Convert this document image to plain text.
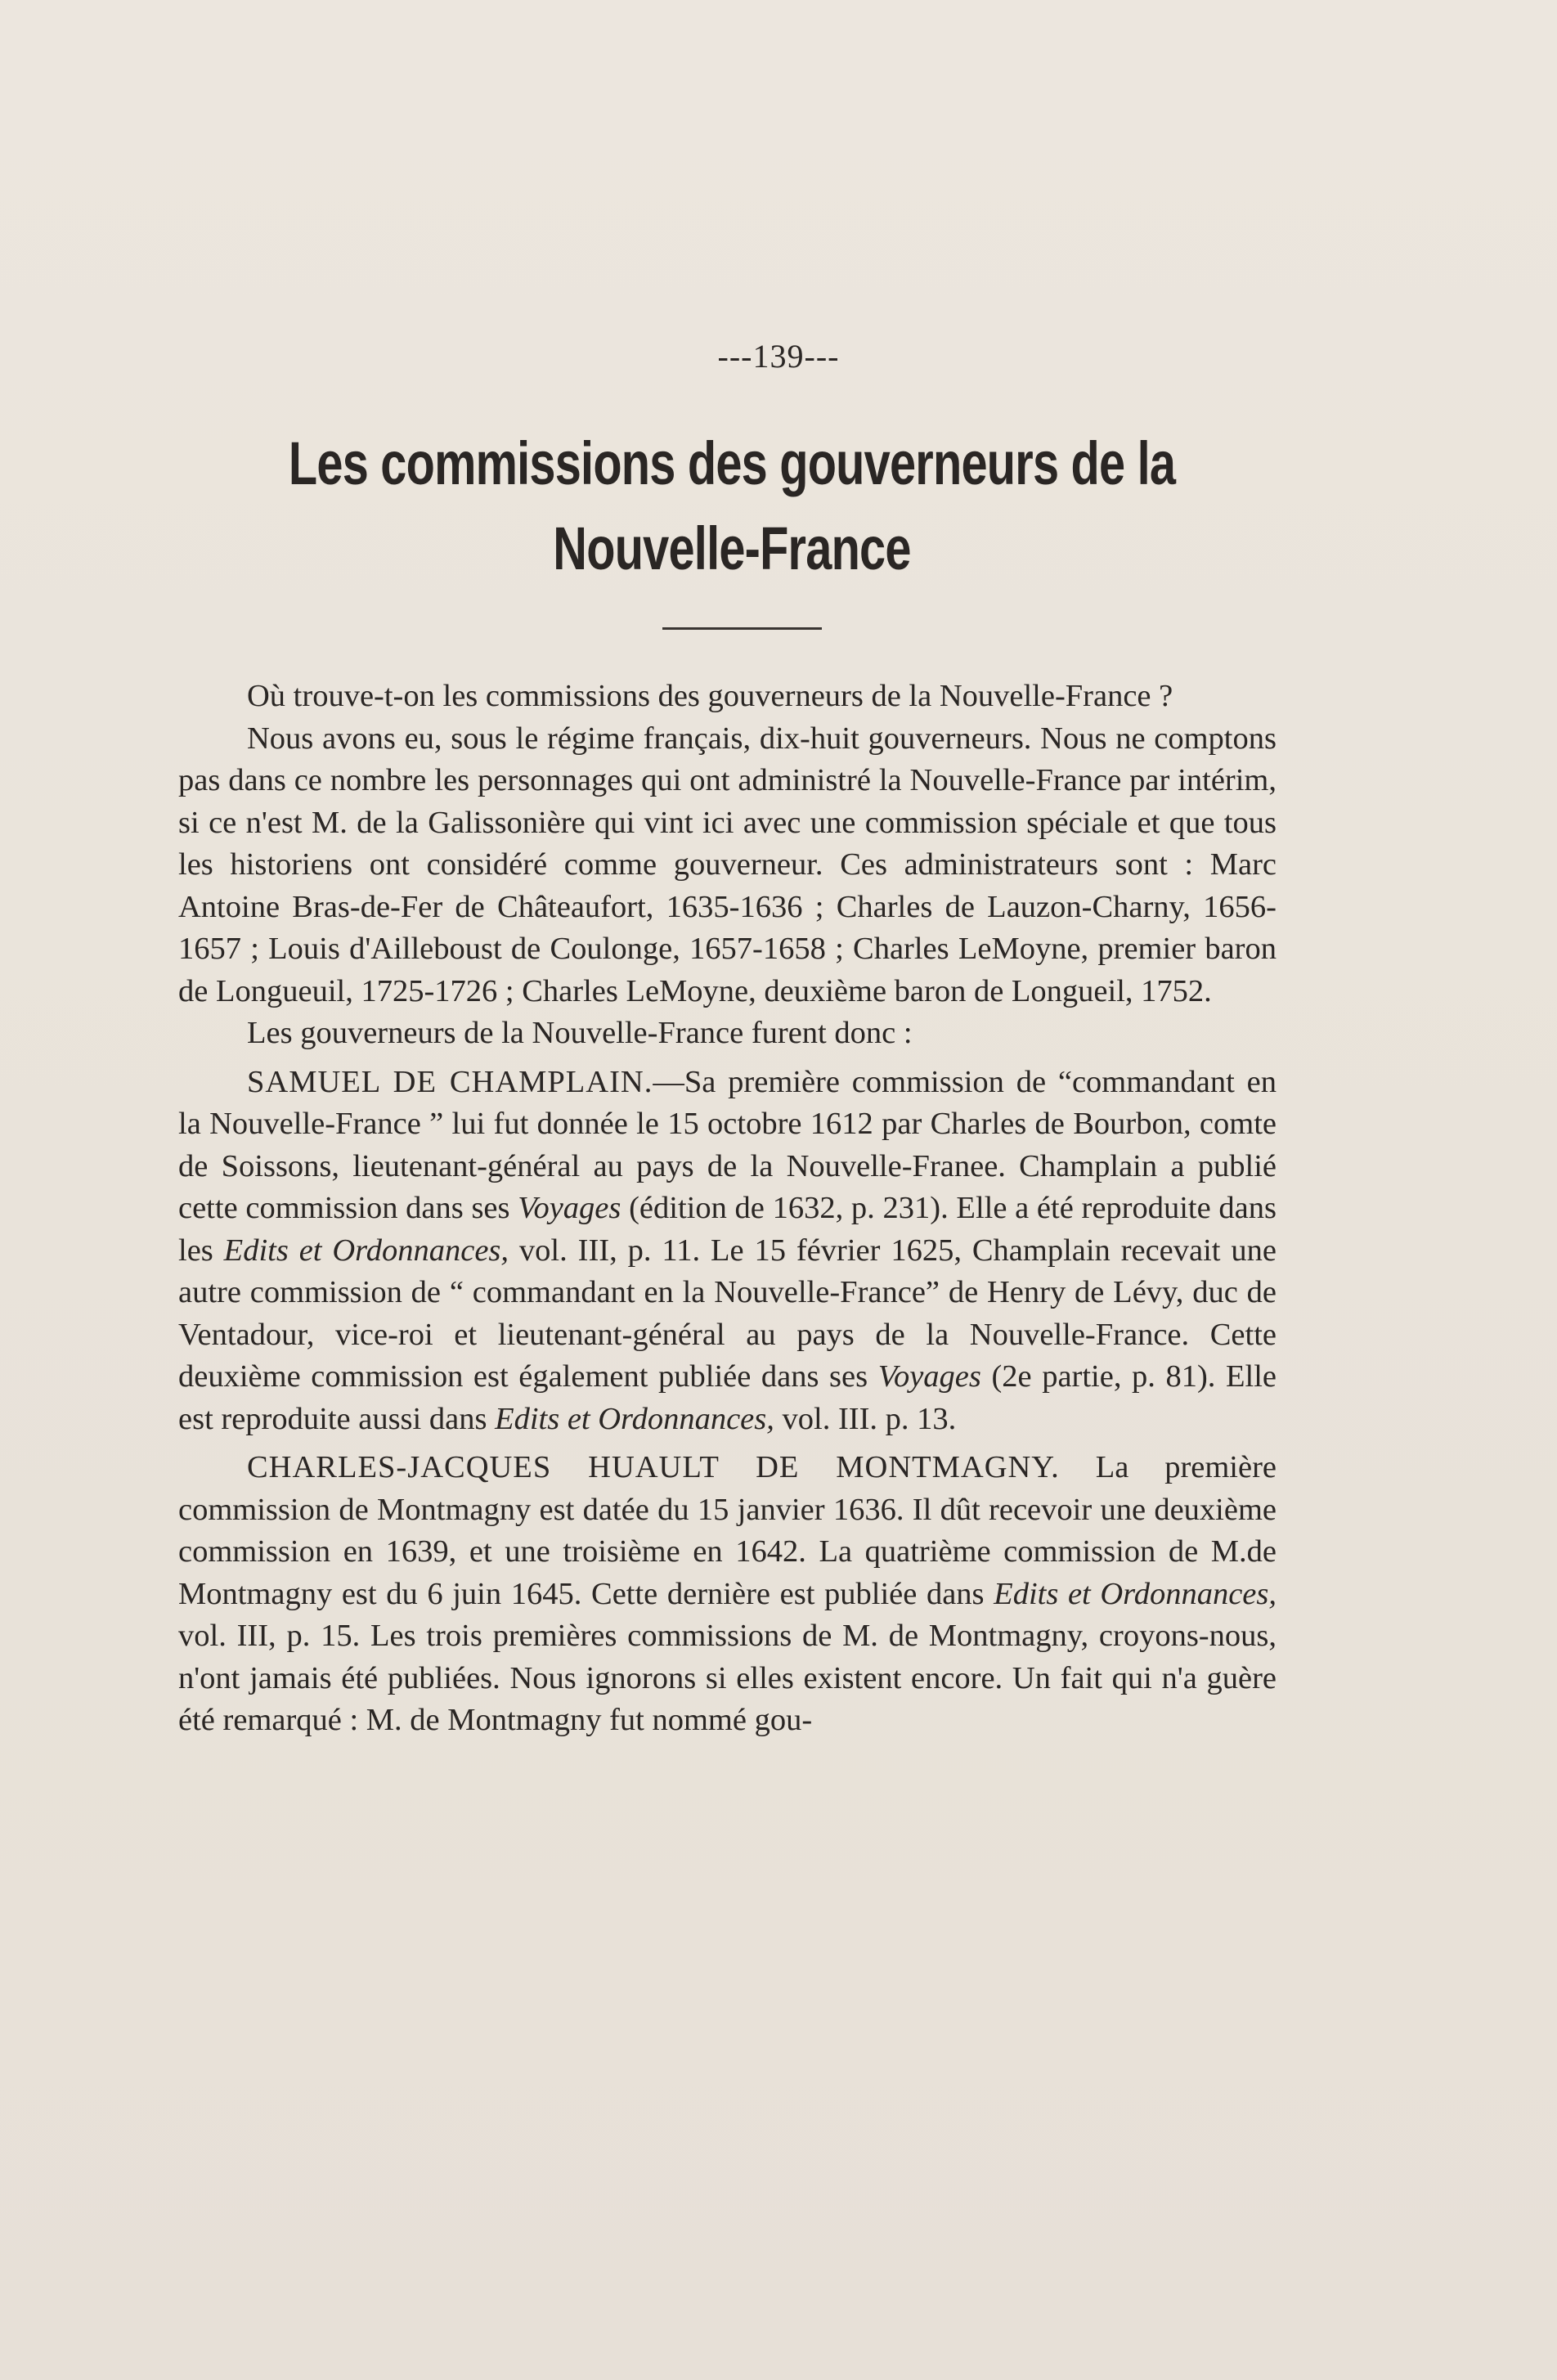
---139---
Les commissions des gouverneurs de la
Nouvelle-France

Où trouve-t-on les commissions des gouverneurs de la Nouvelle-France ?

Nous avons eu, sous le régime français, dix-huit gouverneurs. Nous ne comptons pas dans ce nombre les personnages qui ont administré la Nouvelle-France par intérim, si ce n'est M. de la Galissonière qui vint ici avec une commission spéciale et que tous les historiens ont considéré comme gouverneur. Ces administrateurs sont : Marc Antoine Bras-de-Fer de Châteaufort, 1635-1636 ; Charles de Lauzon-Charny, 1656-1657 ; Louis d'Ailleboust de Coulonge, 1657-1658 ; Charles LeMoyne, premier baron de Longueuil, 1725-1726 ; Charles LeMoyne, deuxième baron de Longueil, 1752.

Les gouverneurs de la Nouvelle-France furent donc :

SAMUEL DE CHAMPLAIN.—Sa première commission de “commandant en la Nouvelle-France ” lui fut donnée le 15 octobre 1612 par Charles de Bourbon, comte de Soissons, lieutenant-général au pays de la Nouvelle-Franee. Champlain a publié cette commission dans ses Voyages (édition de 1632, p. 231). Elle a été reproduite dans les Edits et Ordonnances, vol. III, p. 11. Le 15 février 1625, Champlain recevait une autre commission de “ commandant en la Nouvelle-France” de Henry de Lévy, duc de Ventadour, vice-roi et lieutenant-général au pays de la Nouvelle-France. Cette deuxième commission est également publiée dans ses Voyages (2e partie, p. 81). Elle est reproduite aussi dans Edits et Ordonnances, vol. III. p. 13.

CHARLES-JACQUES HUAULT DE MONTMAGNY. La première commission de Montmagny est datée du 15 janvier 1636. Il dût recevoir une deuxième commission en 1639, et une troisième en 1642. La quatrième commission de M.de Montmagny est du 6 juin 1645. Cette dernière est publiée dans Edits et Ordonnances, vol. III, p. 15. Les trois premières commissions de M. de Montmagny, croyons-nous, n'ont jamais été publiées. Nous ignorons si elles existent encore. Un fait qui n'a guère été remarqué : M. de Montmagny fut nommé gou-
